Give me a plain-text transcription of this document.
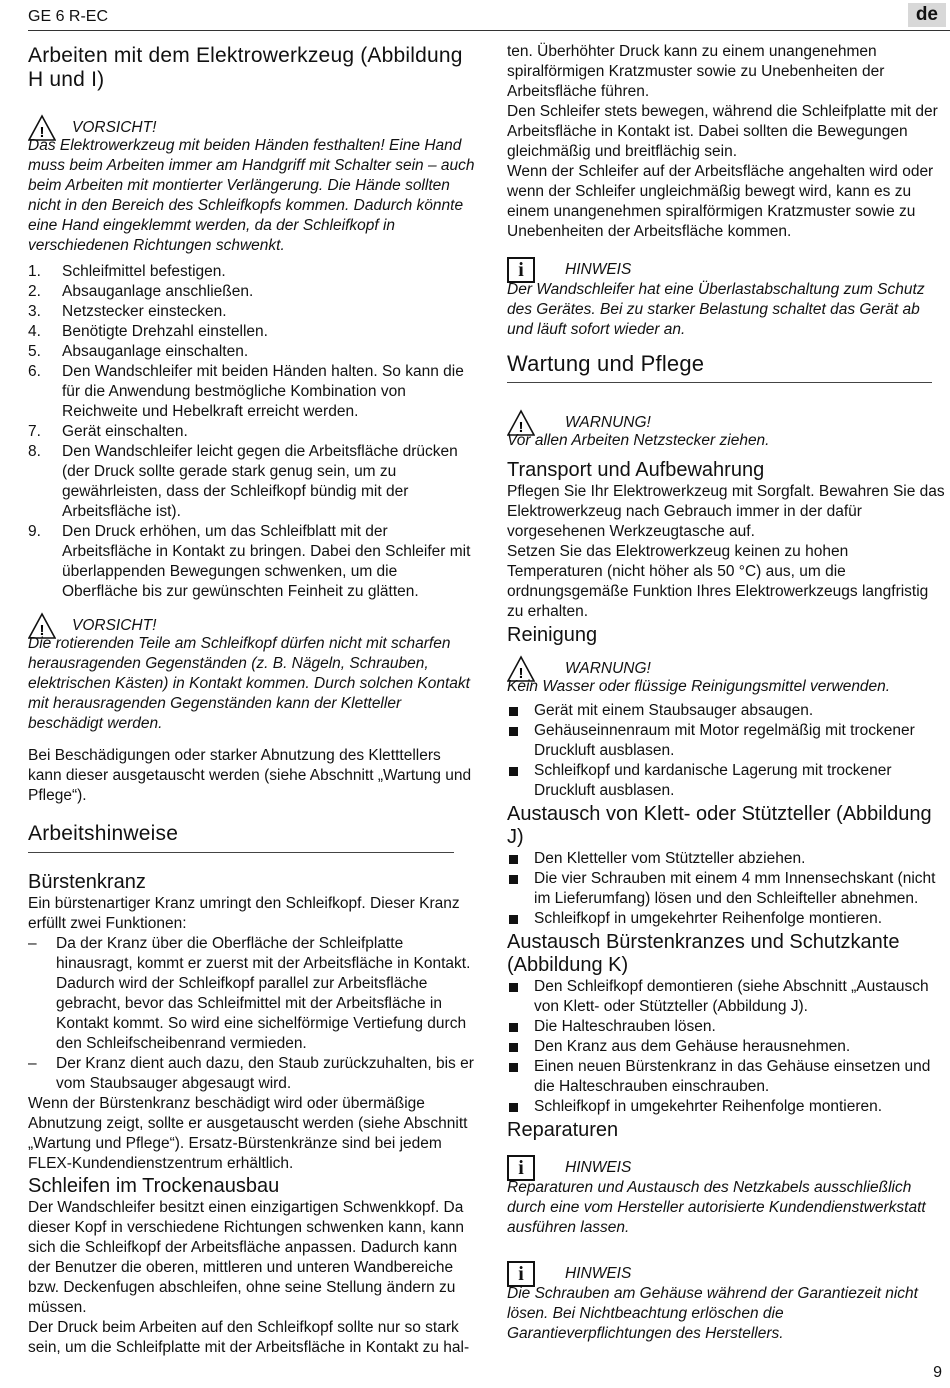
GE 6 R-EC	de

Arbeiten mit dem Elektrowerkzeug (Abbildung H und I)

! VORSICHT!

Das Elektrowerkzeug mit beiden Händen festhalten! Eine Hand muss beim Arbeiten immer am Handgriff mit Schalter sein – auch beim Arbeiten mit montierter Verlängerung. Die Hände sollten nicht in den Bereich des Schleifkopfs kommen. Dadurch könnte eine Hand eingeklemmt werden, da der Schleifkopf in verschiedenen Richtungen schwenkt.

1.	Schleifmittel befestigen.
2.	Absauganlage anschließen.
3.	Netzstecker einstecken.
4.	Benötigte Drehzahl einstellen.
5.	Absauganlage einschalten.
6.	Den Wandschleifer mit beiden Händen halten. So kann die für die Anwendung bestmögliche Kombination von Reichweite und Hebelkraft erreicht werden.
7.	Gerät einschalten.
8.	Den Wandschleifer leicht gegen die Arbeitsfläche drücken (der Druck sollte gerade stark genug sein, um zu gewährleisten, dass der Schleifkopf bündig mit der Arbeitsfläche ist).
9.	Den Druck erhöhen, um das Schleifblatt mit der Arbeitsfläche in Kontakt zu bringen. Dabei den Schleifer mit überlappenden Bewegungen schwenken, um die Oberfläche bis zur gewünschten Feinheit zu glätten.
! VORSICHT!

Die rotierenden Teile am Schleifkopf dürfen nicht mit scharfen herausragenden Gegenständen (z. B. Nägeln, Schrauben, elektrischen Kästen) in Kontakt kommen. Durch solchen Kontakt mit herausragenden Gegenständen kann der Kletteller beschädigt werden.

Bei Beschädigungen oder starker Abnutzung des Kletttellers kann dieser ausgetauscht werden (siehe Abschnitt „Wartung und Pflege“).

Arbeitshinweise

Bürstenkranz

Ein bürstenartiger Kranz umringt den Schleifkopf. Dieser Kranz erfüllt zwei Funktionen:

–	Da der Kranz über die Oberfläche der Schleifplatte hinausragt, kommt er zuerst mit der Arbeitsfläche in Kontakt. Dadurch wird der Schleifkopf parallel zur Arbeitsfläche gebracht, bevor das Schleifmittel mit der Arbeitsfläche in Kontakt kommt. So wird eine sichelförmige Vertiefung durch den Schleifscheibenrand vermieden.
–	Der Kranz dient auch dazu, den Staub zurückzuhalten, bis er vom Staubsauger abgesaugt wird.

Wenn der Bürstenkranz beschädigt wird oder übermäßige Abnutzung zeigt, sollte er ausgetauscht werden (siehe Abschnitt „Wartung und Pflege“). Ersatz-Bürstenkränze sind bei jedem FLEX-Kundendienstzentrum erhältlich.

Schleifen im Trockenausbau

Der Wandschleifer besitzt einen einzigartigen Schwenkkopf. Da dieser Kopf in verschiedene Richtungen schwenken kann, kann sich die Schleifkopf der Arbeitsfläche anpassen. Dadurch kann der Benutzer die oberen, mittleren und unteren Wandbereiche bzw. Deckenfugen abschleifen, ohne seine Stellung ändern zu müssen.

Der Druck beim Arbeiten auf den Schleifkopf sollte nur so stark sein, um die Schleifplatte mit der Arbeitsfläche in Kontakt zu hal-

ten. Überhöhter Druck kann zu einem unangenehmen spiralförmigen Kratzmuster sowie zu Unebenheiten der Arbeitsfläche führen.

Den Schleifer stets bewegen, während die Schleifplatte mit der Arbeitsfläche in Kontakt ist. Dabei sollten die Bewegungen gleichmäßig und breitflächig sein.

Wenn der Schleifer auf der Arbeitsfläche angehalten wird oder wenn der Schleifer ungleichmäßig bewegt wird, kann es zu einem unangenehmen spiralförmigen Kratzmuster sowie zu Unebenheiten der Arbeitsfläche kommen.

i	HINWEIS

Der Wandschleifer hat eine Überlastabschaltung zum Schutz des Gerätes. Bei zu starker Belastung schaltet das Gerät ab und läuft sofort wieder an.

Wartung und Pflege

!	WARNUNG!

Vor allen Arbeiten Netzstecker ziehen.

Transport und Aufbewahrung

Pflegen Sie Ihr Elektrowerkzeug mit Sorgfalt. Bewahren Sie das Elektrowerkzeug nach Gebrauch immer in der dafür vorgesehenen Werkzeugtasche auf.

Setzen Sie das Elektrowerkzeug keinen zu hohen Temperaturen (nicht höher als 50 °C) aus, um die ordnungsgemäße Funktion Ihres Elektrowerkzeugs langfristig zu erhalten.

Reinigung

!	WARNUNG!

Kein Wasser oder flüssige Reinigungsmittel verwenden.

Gerät mit einem Staubsauger absaugen.
Gehäuseinnenraum mit Motor regelmäßig mit trockener Druckluft ausblasen.
Schleifkopf und kardanische Lagerung mit trockener Druckluft ausblasen.

Austausch von Klett- oder Stützteller (Abbildung J)

Den Kletteller vom Stützteller abziehen.
Die vier Schrauben mit einem 4 mm Innensechskant (nicht im Lieferumfang) lösen und den Schleifteller abnehmen.
Schleifkopf in umgekehrter Reihenfolge montieren.

Austausch Bürstenkranzes und Schutzkante (Abbildung K)

Den Schleifkopf demontieren (siehe Abschnitt „Austausch von Klett- oder Stützteller (Abbildung J).
Die Halteschrauben lösen.
Den Kranz aus dem Gehäuse herausnehmen.
Einen neuen Bürstenkranz in das Gehäuse einsetzen und die Halteschrauben einschrauben.
Schleifkopf in umgekehrter Reihenfolge montieren.

Reparaturen

i	HINWEIS

Reparaturen und Austausch des Netzkabels ausschließlich durch eine vom Hersteller autorisierte Kundendienstwerkstatt ausführen lassen.

i	HINWEIS

Die Schrauben am Gehäuse während der Garantiezeit nicht lösen. Bei Nichtbeachtung erlöschen die Garantieverpflichtungen des Herstellers.

9
